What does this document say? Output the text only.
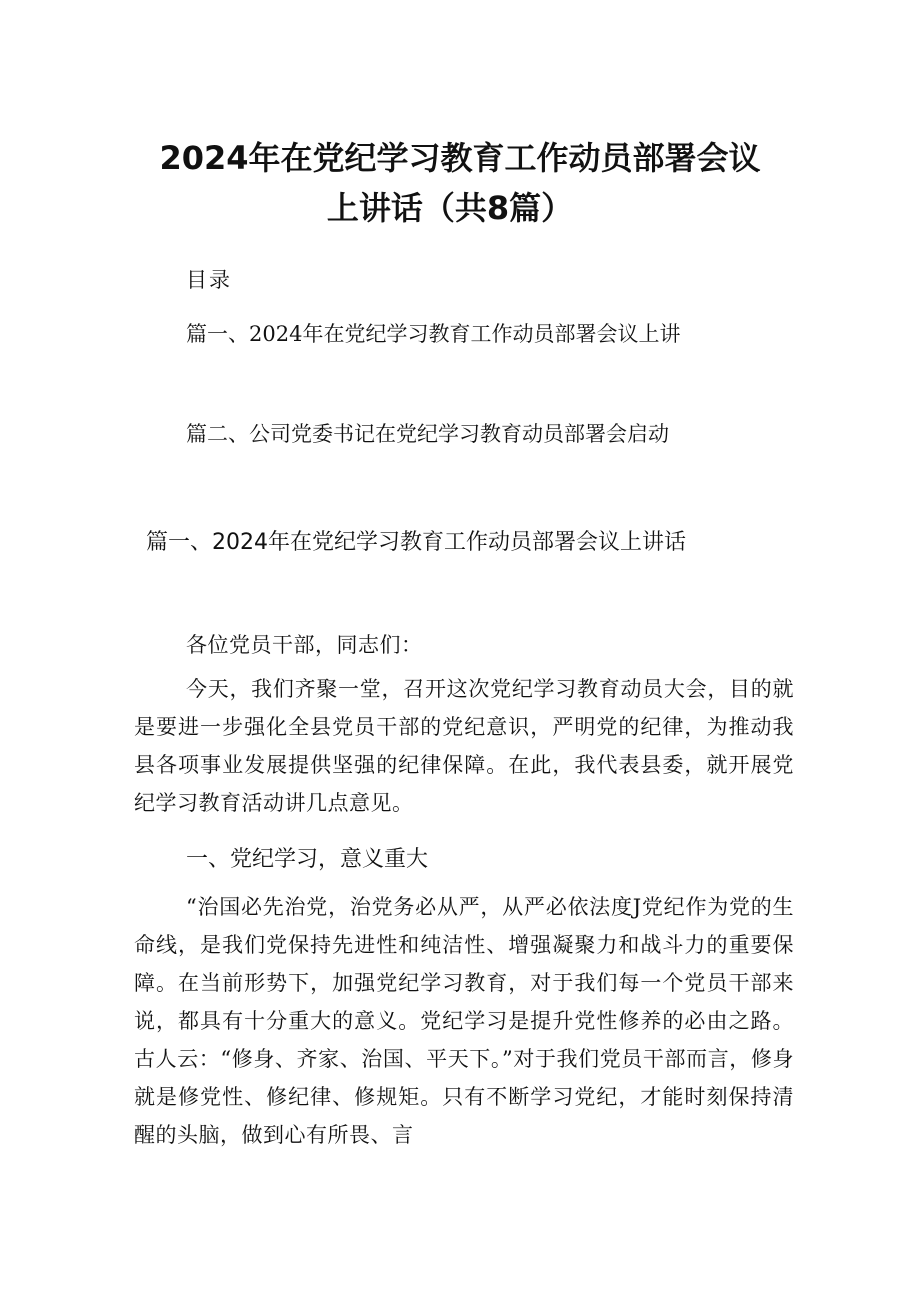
2024年在党纪学习教育工作动员部署会议
上讲话（共8篇）
目录
篇一、2024年在党纪学习教育工作动员部署会议上讲
篇二、公司党委书记在党纪学习教育动员部署会启动
篇一、2024年在党纪学习教育工作动员部署会议上讲话
各位党员干部，同志们：
今天，我们齐聚一堂，召开这次党纪学习教育动员大会，目的就是要进一步强化全县党员干部的党纪意识，严明党的纪律，为推动我县各项事业发展提供坚强的纪律保障。在此，我代表县委，就开展党纪学习教育活动讲几点意见。
一、党纪学习，意义重大
“治国必先治党，治党务必从严，从严必依法度J党纪作为党的生命线，是我们党保持先进性和纯洁性、增强凝聚力和战斗力的重要保障。在当前形势下，加强党纪学习教育，对于我们每一个党员干部来说，都具有十分重大的意义。党纪学习是提升党性修养的必由之路。古人云：“修身、齐家、治国、平天下。”对于我们党员干部而言，修身就是修党性、修纪律、修规矩。只有不断学习党纪，才能时刻保持清醒的头脑，做到心有所畏、言
